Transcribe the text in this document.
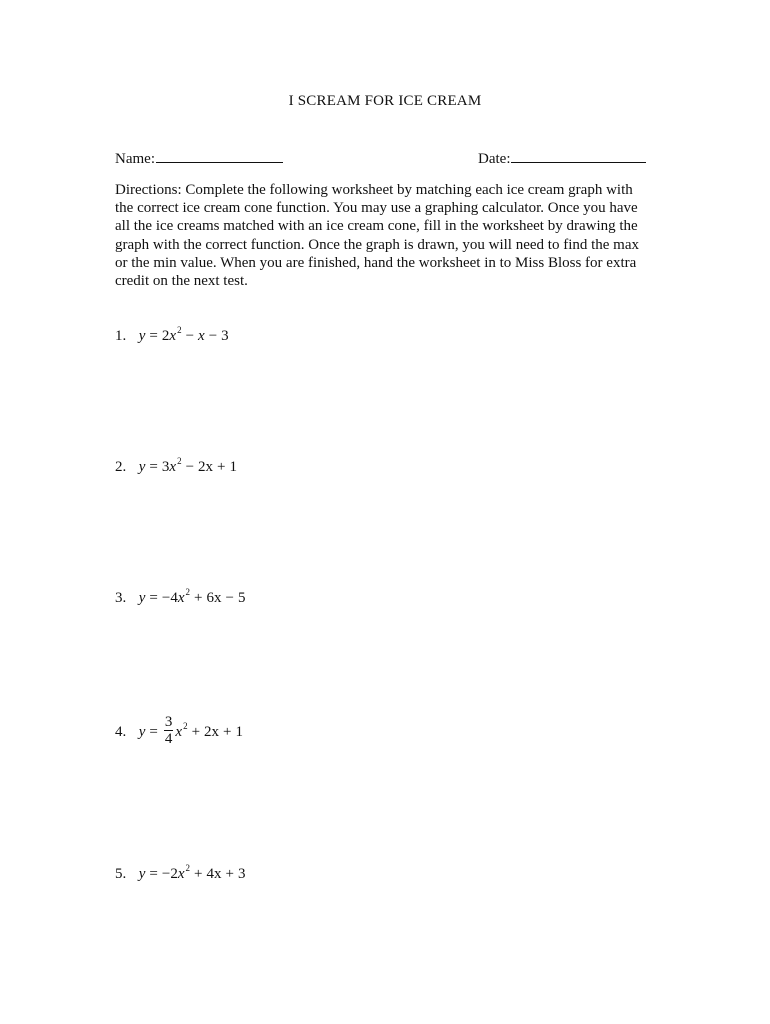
I SCREAM FOR ICE CREAM
Name:	Date:
Directions: Complete the following worksheet by matching each ice cream graph with
the correct ice cream cone function. You may use a graphing calculator. Once you have
all the ice creams matched with an ice cream cone, fill in the worksheet by drawing the
graph with the correct function. Once the graph is drawn, you will need to find the max
or the min value. When you are finished, hand the worksheet in to Miss Bloss for extra
credit on the next test.
1. $y = 2x^2 - x - 3$
2. $y = 3x^2 - 2x + 1$
3. $y = -4x^2 + 6x - 5$
4. $y = \frac{3}{4} x^2 + 2x + 1$
5. $y = -2x^2 + 4x + 3$
